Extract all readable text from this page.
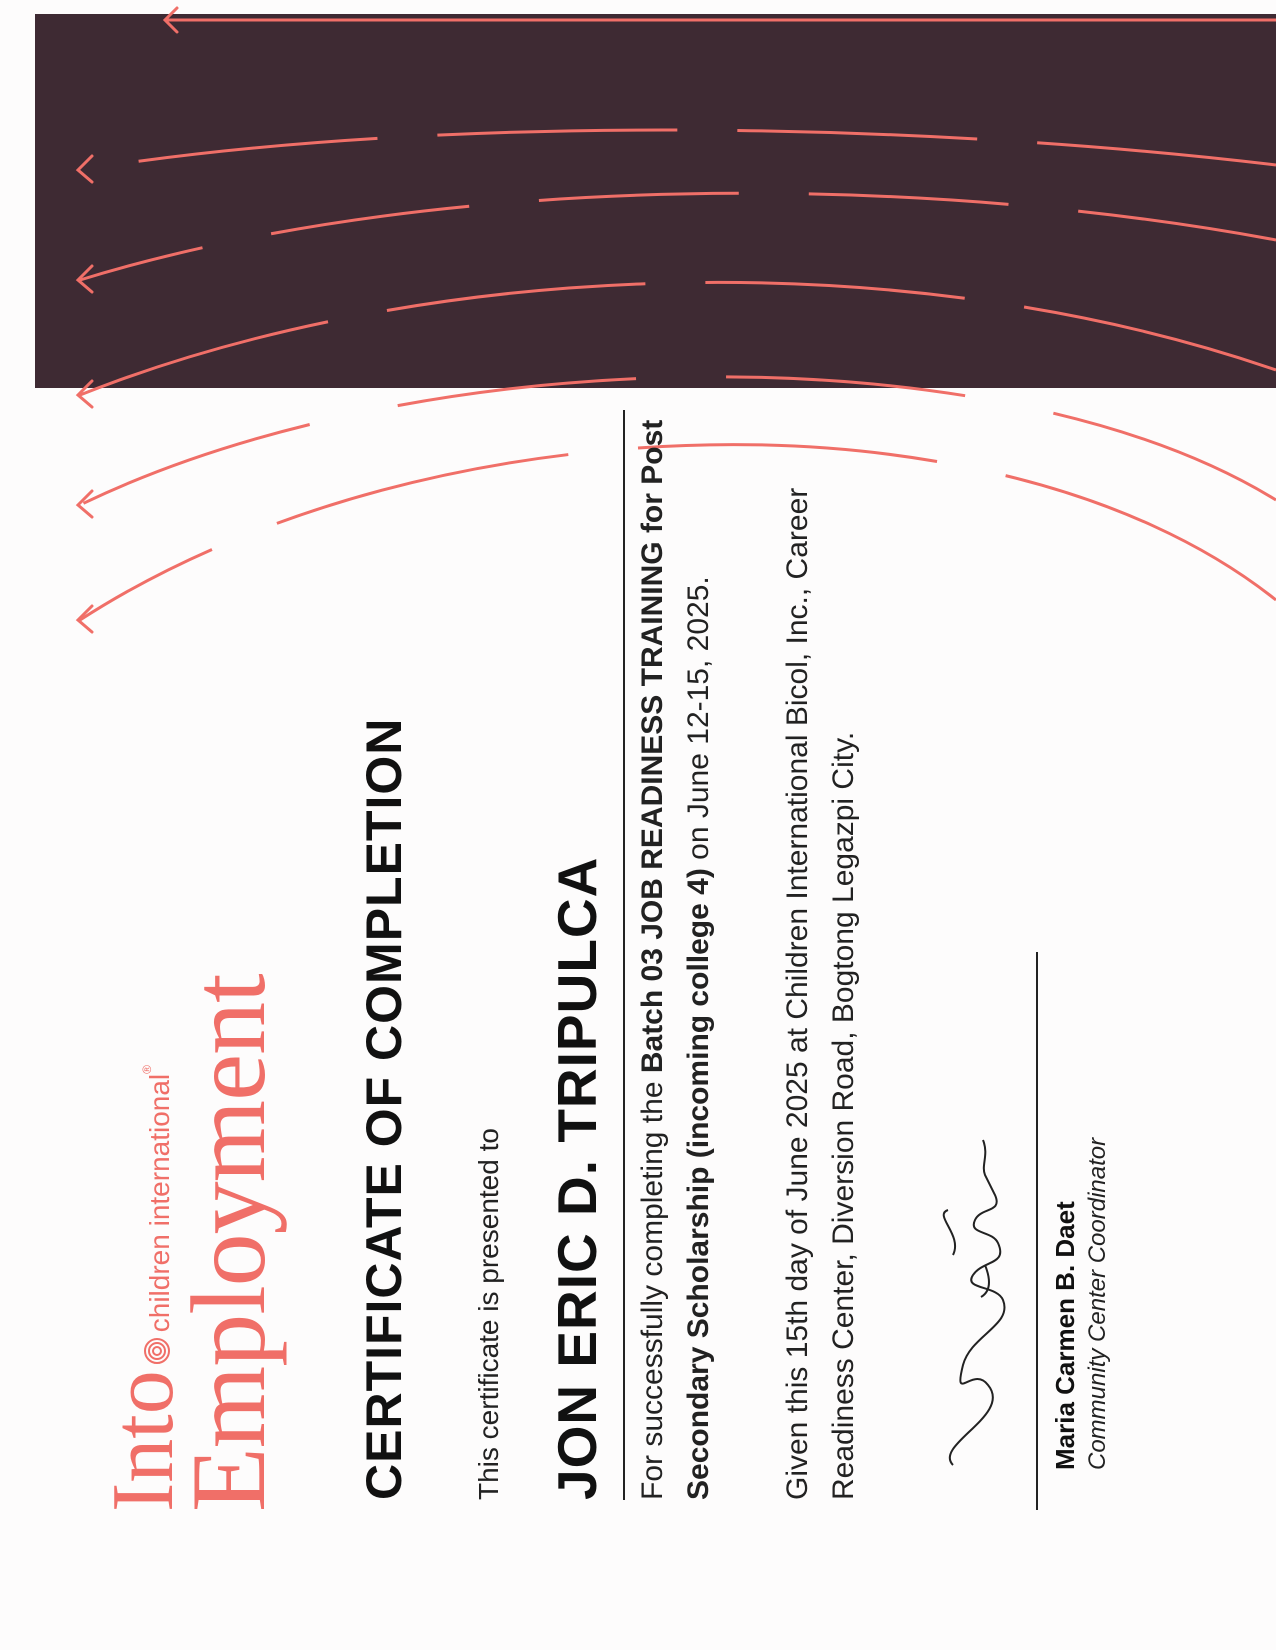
Intochildren international® Employment CERTIFICATE OF COMPLETION This certificate is presented to JON ERIC D. TRIPULCA For successfully completing the Batch 03 JOB READINESS TRAINING for Post Secondary Scholarship (incoming college 4) on June 12-15, 2025. Given this 15th day of June 2025 at Children International Bicol, Inc., Career Readiness Center, Diversion Road, Bogtong Legazpi City.	Maria Carmen B. Daet Community Center Coordinator
